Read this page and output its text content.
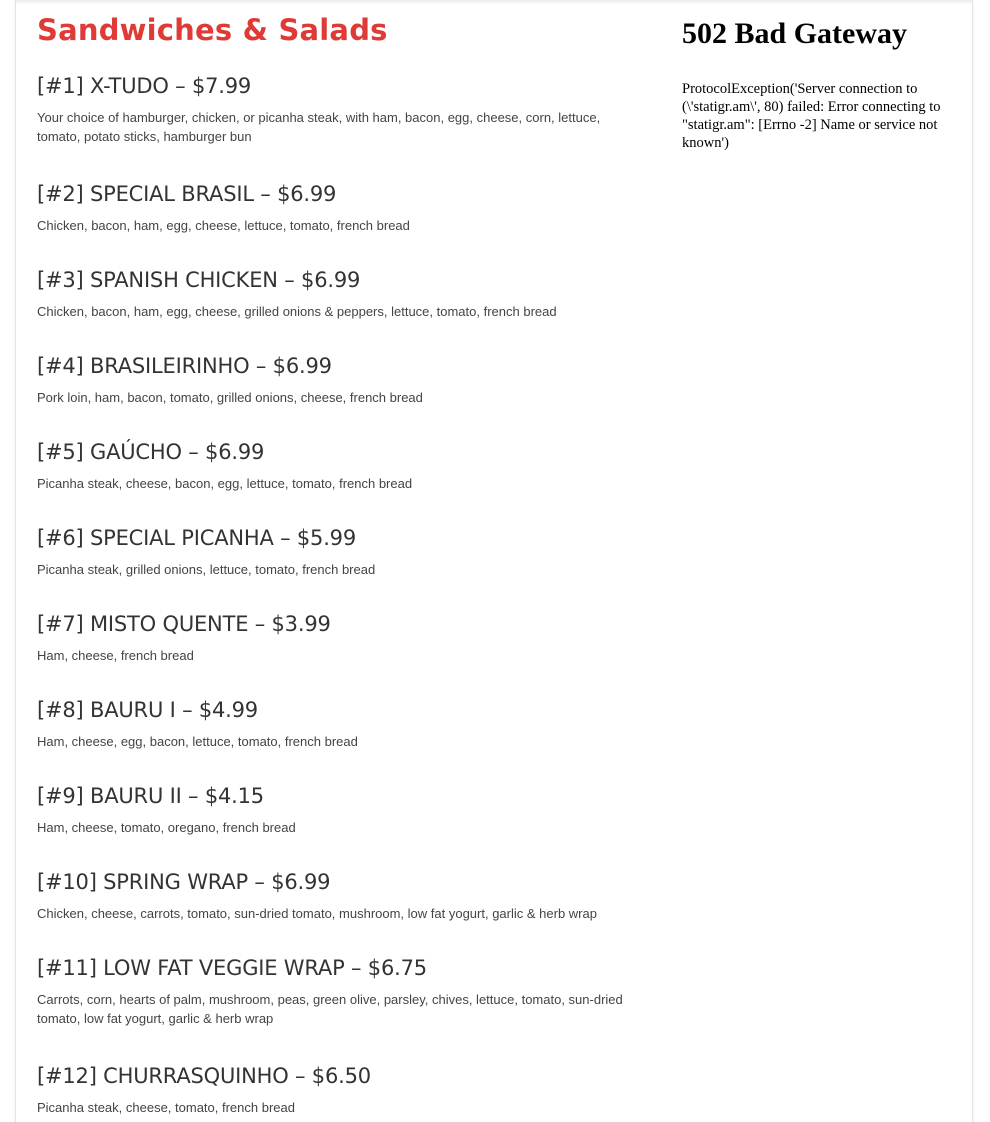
Sandwiches & Salads
[#1] X-TUDO – $7.99

Your choice of hamburger, chicken, or picanha steak, with ham, bacon, egg, cheese, corn, lettuce, tomato, potato sticks, hamburger bun

[#2] SPECIAL BRASIL – $6.99

Chicken, bacon, ham, egg, cheese, lettuce, tomato, french bread

[#3] SPANISH CHICKEN – $6.99

Chicken, bacon, ham, egg, cheese, grilled onions & peppers, lettuce, tomato, french bread

[#4] BRASILEIRINHO – $6.99

Pork loin, ham, bacon, tomato, grilled onions, cheese, french bread

[#5] GAÚCHO – $6.99

Picanha steak, cheese, bacon, egg, lettuce, tomato, french bread

[#6] SPECIAL PICANHA – $5.99

Picanha steak, grilled onions, lettuce, tomato, french bread

[#7] MISTO QUENTE – $3.99

Ham, cheese, french bread

[#8] BAURU I – $4.99

Ham, cheese, egg, bacon, lettuce, tomato, french bread

[#9] BAURU II – $4.15

Ham, cheese, tomato, oregano, french bread

[#10] SPRING WRAP – $6.99

Chicken, cheese, carrots, tomato, sun-dried tomato, mushroom, low fat yogurt, garlic & herb wrap

[#11] LOW FAT VEGGIE WRAP – $6.75

Carrots, corn, hearts of palm, mushroom, peas, green olive, parsley, chives, lettuce, tomato, sun-dried tomato, low fat yogurt, garlic & herb wrap

[#12] CHURRASQUINHO – $6.50

Picanha steak, cheese, tomato, french bread

502 Bad Gateway

ProtocolException('Server connection to (\'statigr.am\', 80) failed: Error connecting to "statigr.am": [Errno -2] Name or service not known')
